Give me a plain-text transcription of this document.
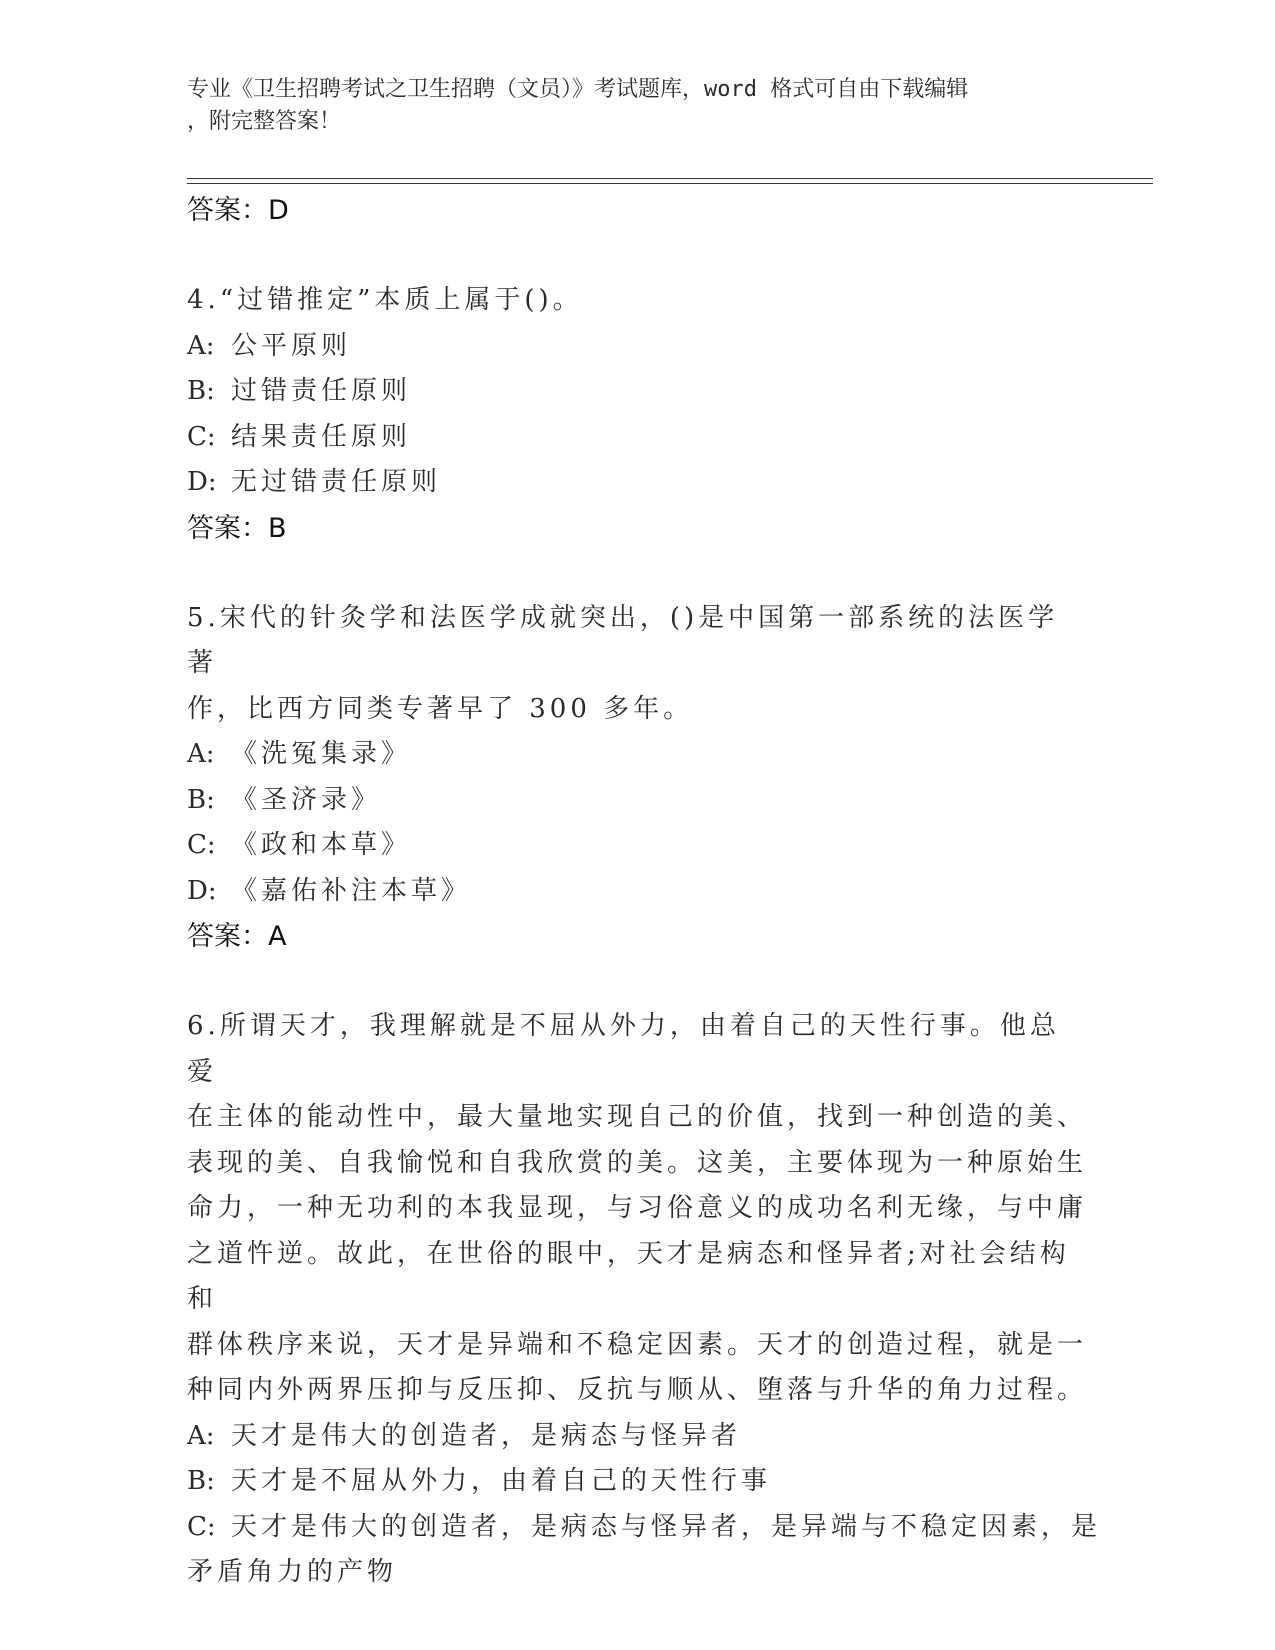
专业《卫生招聘考试之卫生招聘（文员）》考试题库，word 格式可自由下载编辑
，附完整答案！
答案：D
4.“过错推定”本质上属于()。
A: 公平原则
B: 过错责任原则
C: 结果责任原则
D: 无过错责任原则
答案：B
5.宋代的针灸学和法医学成就突出，()是中国第一部系统的法医学著
作，比西方同类专著早了 300 多年。
A: 《洗冤集录》
B: 《圣济录》
C: 《政和本草》
D: 《嘉佑补注本草》
答案：A
6.所谓天才，我理解就是不屈从外力，由着自己的天性行事。他总爱
在主体的能动性中，最大量地实现自己的价值，找到一种创造的美、
表现的美、自我愉悦和自我欣赏的美。这美，主要体现为一种原始生
命力，一种无功利的本我显现，与习俗意义的成功名利无缘，与中庸
之道忤逆。故此，在世俗的眼中，天才是病态和怪异者;对社会结构和
群体秩序来说，天才是异端和不稳定因素。天才的创造过程，就是一
种同内外两界压抑与反压抑、反抗与顺从、堕落与升华的角力过程。
A: 天才是伟大的创造者，是病态与怪异者
B: 天才是不屈从外力，由着自己的天性行事
C: 天才是伟大的创造者，是病态与怪异者，是异端与不稳定因素，是
矛盾角力的产物
